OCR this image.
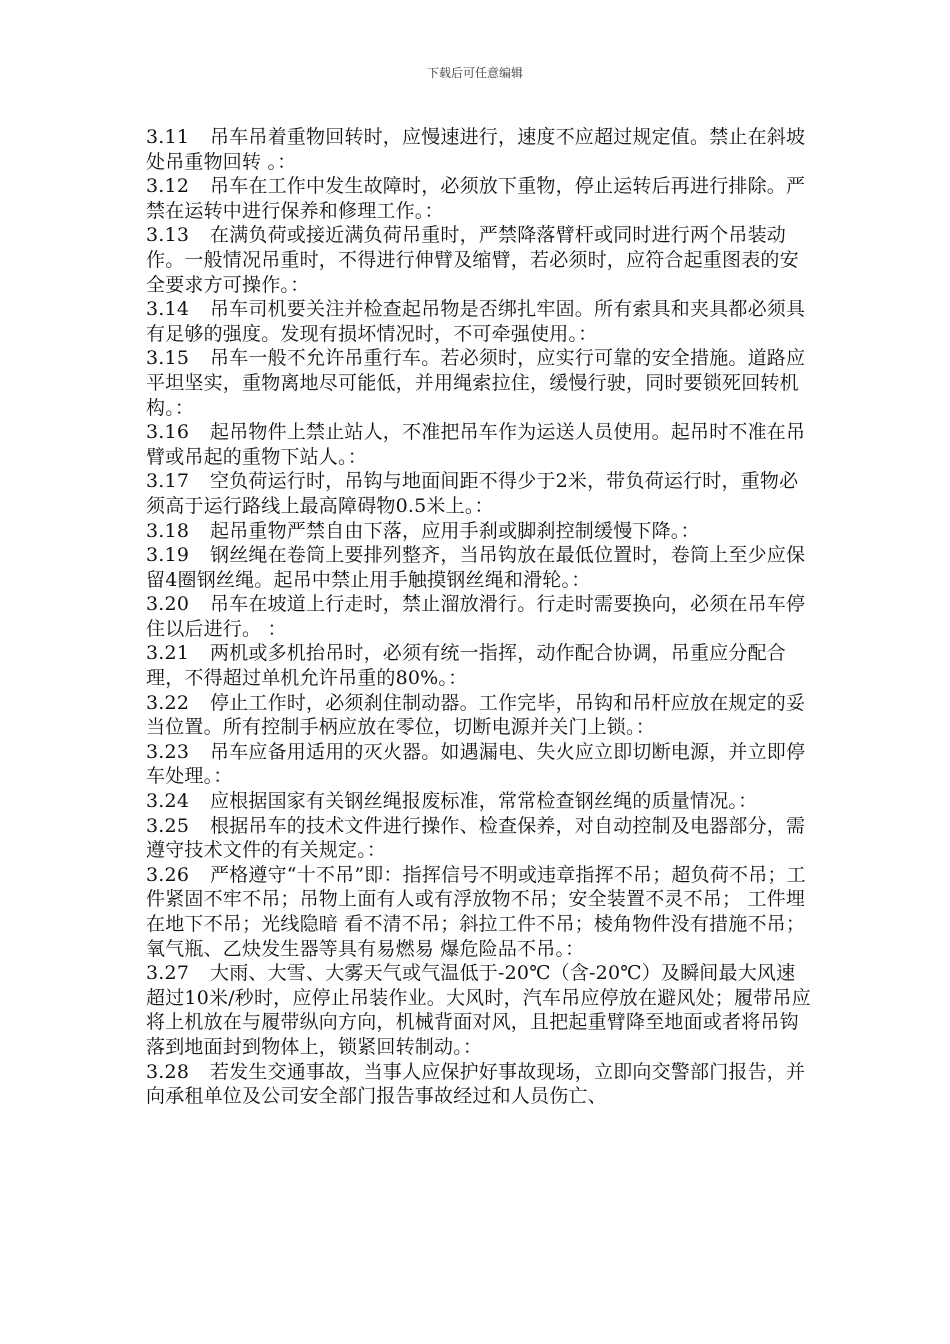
下载后可任意编辑

3.11 吊车吊着重物回转时，应慢速进行，速度不应超过规定值。禁止在斜坡处吊重物回转 。：

3.12 吊车在工作中发生故障时，必须放下重物，停止运转后再进行排除。严禁在运转中进行保养和修理工作。：

3.13 在满负荷或接近满负荷吊重时，严禁降落臂杆或同时进行两个吊装动作。一般情况吊重时，不得进行伸臂及缩臂，若必须时，应符合起重图表的安全要求方可操作。：

3.14 吊车司机要关注并检查起吊物是否绑扎牢固。所有索具和夹具都必须具有足够的强度。发现有损坏情况时，不可牵强使用。：

3.15 吊车一般不允许吊重行车。若必须时，应实行可靠的安全措施。道路应平坦坚实，重物离地尽可能低，并用绳索拉住，缓慢行驶，同时要锁死回转机构。：

3.16 起吊物件上禁止站人，不准把吊车作为运送人员使用。起吊时不准在吊臂或吊起的重物下站人。：

3.17 空负荷运行时，吊钩与地面间距不得少于2米，带负荷运行时，重物必须高于运行路线上最高障碍物0.5米上。：

3.18 起吊重物严禁自由下落，应用手刹或脚刹控制缓慢下降。：

3.19 钢丝绳在卷筒上要排列整齐，当吊钩放在最低位置时，卷筒上至少应保留4圈钢丝绳。起吊中禁止用手触摸钢丝绳和滑轮。：

3.20 吊车在坡道上行走时，禁止溜放滑行。行走时需要换向，必须在吊车停住以后进行。 ：

3.21 两机或多机抬吊时，必须有统一指挥，动作配合协调，吊重应分配合理，不得超过单机允许吊重的80%。：

3.22 停止工作时，必须刹住制动器。工作完毕，吊钩和吊杆应放在规定的妥当位置。所有控制手柄应放在零位，切断电源并关门上锁。：

3.23 吊车应备用适用的灭火器。如遇漏电、失火应立即切断电源，并立即停车处理。：

3.24 应根据国家有关钢丝绳报废标准，常常检查钢丝绳的质量情况。：

3.25 根据吊车的技术文件进行操作、检查保养，对自动控制及电器部分，需遵守技术文件的有关规定。：

3.26 严格遵守“十不吊”即：指挥信号不明或违章指挥不吊；超负荷不吊；工件紧固不牢不吊；吊物上面有人或有浮放物不吊；安全装置不灵不吊； 工件埋在地下不吊；光线隐暗 看不清不吊；斜拉工件不吊；棱角物件没有措施不吊；氧气瓶、乙炔发生器等具有易燃易 爆危险品不吊。：

3.27 大雨、大雪、大雾天气或气温低于-20℃（含-20℃）及瞬间最大风速超过10米/秒时，应停止吊装作业。大风时，汽车吊应停放在避风处；履带吊应将上机放在与履带纵向方向，机械背面对风，且把起重臂降至地面或者将吊钩落到地面封到物体上，锁紧回转制动。：

3.28 若发生交通事故，当事人应保护好事故现场，立即向交警部门报告，并向承租单位及公司安全部门报告事故经过和人员伤亡、
